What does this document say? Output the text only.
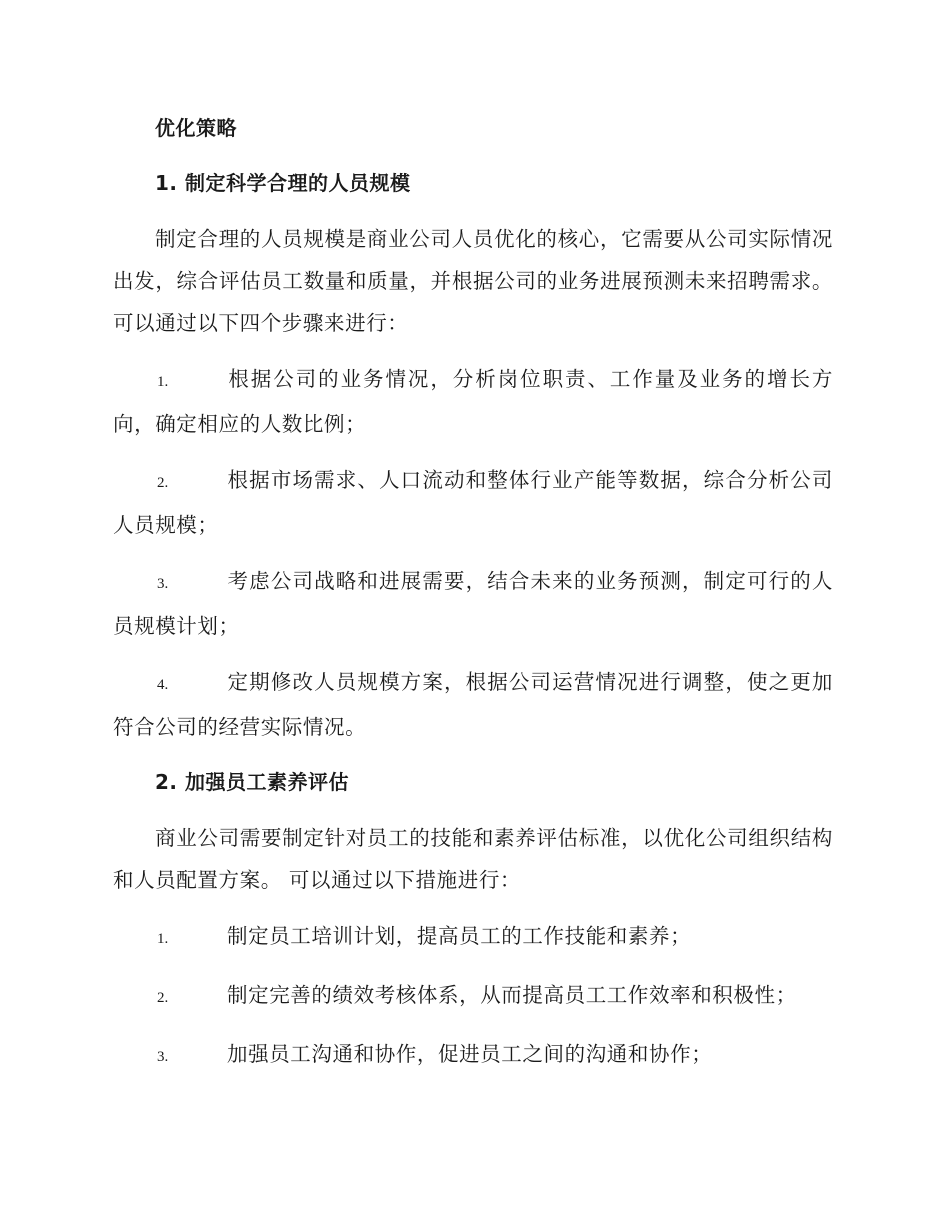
优化策略
1. 制定科学合理的人员规模

制定合理的人员规模是商业公司人员优化的核心，它需要从公司实际情况出发，综合评估员工数量和质量，并根据公司的业务进展预测未来招聘需求。 可以通过以下四个步骤来进行：

1.	根据公司的业务情况，分析岗位职责、工作量及业务的增长方向，确定相应的人数比例；
2.	根据市场需求、人口流动和整体行业产能等数据，综合分析公司人员规模；
3.	考虑公司战略和进展需要，结合未来的业务预测，制定可行的人员规模计划；
4.	定期修改人员规模方案，根据公司运营情况进行调整，使之更加符合公司的经营实际情况。
2. 加强员工素养评估

商业公司需要制定针对员工的技能和素养评估标准，以优化公司组织结构和人员配置方案。 可以通过以下措施进行：

1.	制定员工培训计划，提高员工的工作技能和素养；
2.	制定完善的绩效考核体系，从而提高员工工作效率和积极性；
3.	加强员工沟通和协作，促进员工之间的沟通和协作；
